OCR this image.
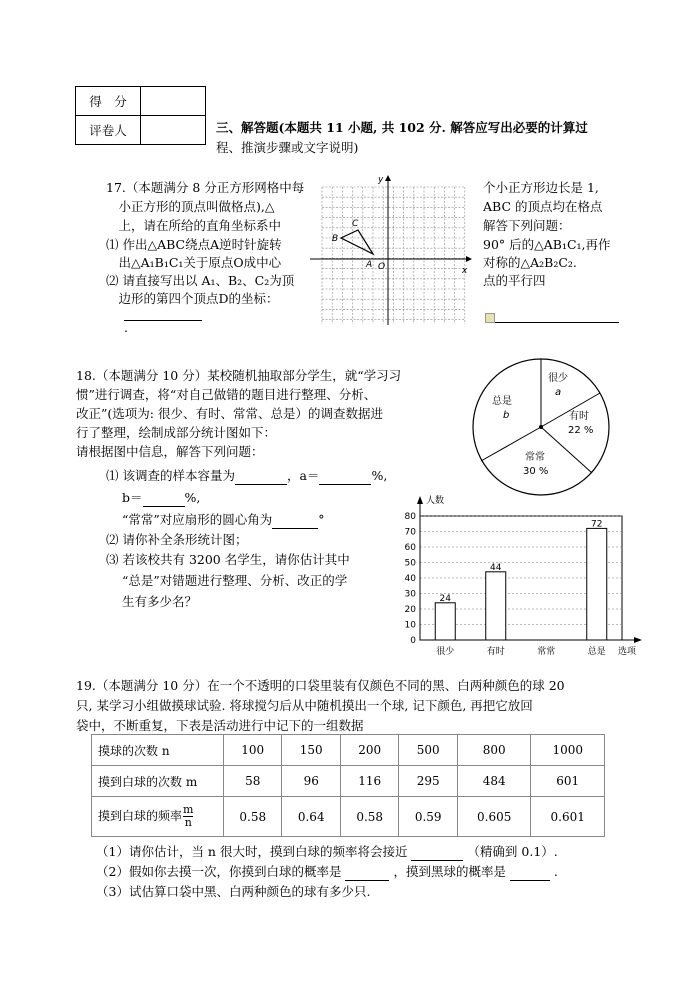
得　分	
评卷人		三、解答题(本题共 11 小题, 共 102 分. 解答应写出必要的计算过
程、推演步骤或文字说明)
17.（本题满分 8 分正方形网格中每
　小正方形的顶点叫做格点),△
　上，请在所给的直角坐标系中
⑴ 作出△ABC绕点A逆时针旋转
　出△A₁B₁C₁关于原点O成中心
⑵ 请直接写出以 A₁、B₂、C₂为顶
　边形的第四个顶点D的坐标：
.
y
x
O
A
B
C
个小正方形边长是 1,
ABC 的顶点均在格点
解答下列问题：
90° 后的△AB₁C₁,再作
对称的△A₂B₂C₂.
点的平行四
18.（本题满分 10 分）某校随机抽取部分学生，就“学习习
惯”进行调查，将“对自己做错的题目进行整理、分析、
改正”(选项为: 很少、有时、常常、总是）的调查数据进
行了整理，绘制成部分统计图如下：
请根据图中信息，解答下列问题：
⑴ 该调查的样本容量为	，a＝	%,
b＝	%,
“常常”对应扇形的圆心角为	°
⑵ 请你补全条形统计图；
⑶ 若该校共有 3200 名学生，请你估计其中
“总是”对错题进行整理、分析、改正的学
生有多少名？
很少
a
有时
22 %
常常
30 %
总是
b
0
10
20
30
40
50
60
70
80
24
44
72
很少	有时	常常	总是
人数
选项
19.（本题满分 10 分）在一个不透明的口袋里装有仅颜色不同的黑、白两种颜色的球 20
只, 某学习小组做摸球试验. 将球搅匀后从中随机摸出一个球, 记下颜色, 再把它放回
袋中，不断重复，下表是活动进行中记下的一组数据
摸球的次数 n	100	150	200	500	800	1000
摸到白球的次数 m	58	96	116	295	484	601
摸到白球的频率 $\frac{m}{n}$	0.58	0.64	0.58	0.59	0.605	0.601
（1）请你估计，当 n 很大时，摸到白球的频率将会接近	（精确到 0.1）.
（2）假如你去摸一次，你摸到白球的概率是	，摸到黑球的概率是	.
（3）试估算口袋中黑、白两种颜色的球有多少只.
